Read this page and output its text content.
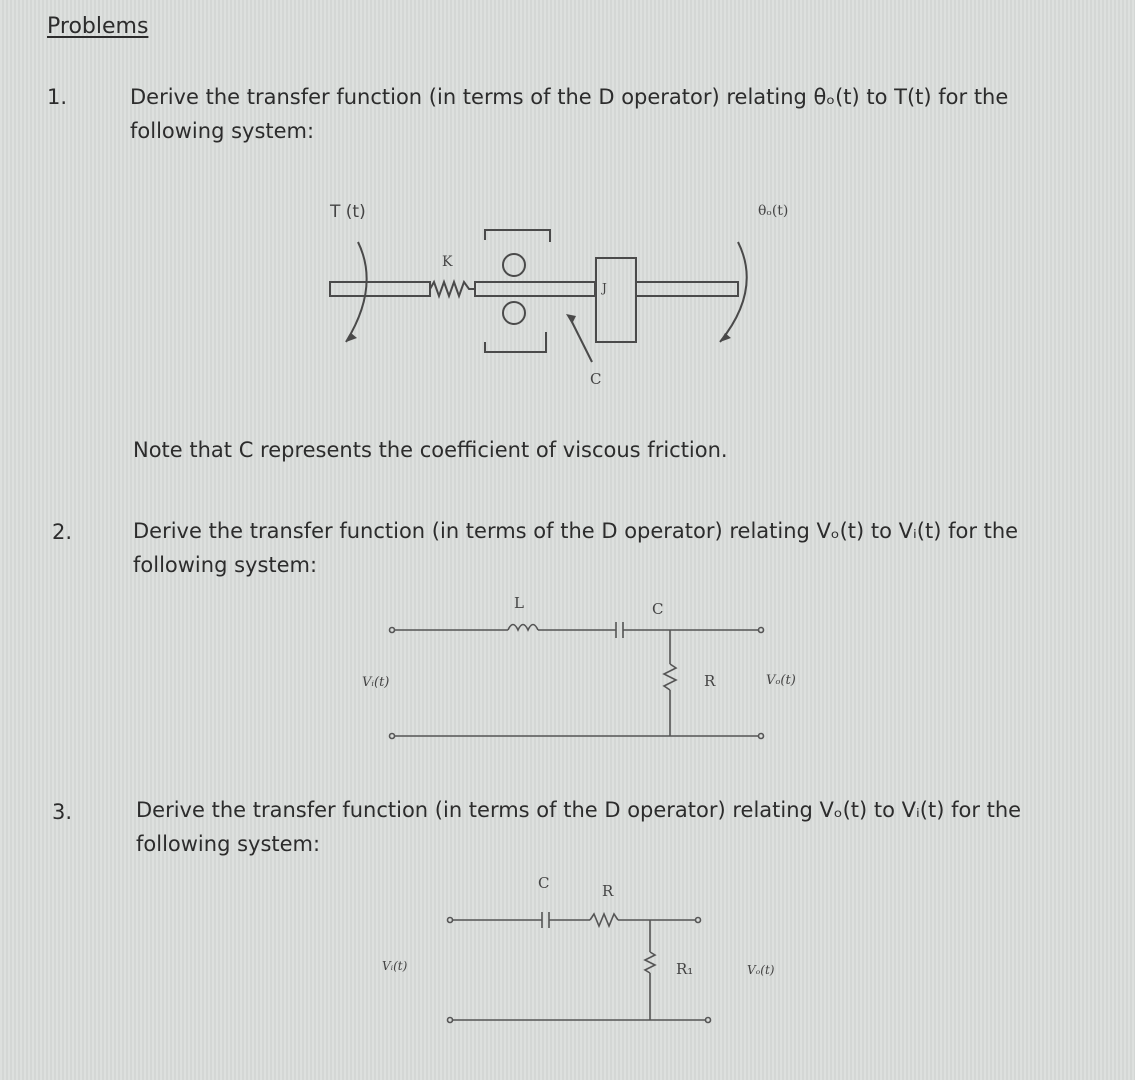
Problems
1.	Derive the transfer function (in terms of the D operator) relating θₒ(t) to T(t) for the
following system:
T (t)	θₒ(t)
K
J
C
Note that C represents the coefficient of viscous friction.
2.	Derive the transfer function (in terms of the D operator) relating Vₒ(t) to Vᵢ(t) for the
following system:
L	C
R
Vᵢ(t)	Vₒ(t)
3.	Derive the transfer function (in terms of the D operator) relating Vₒ(t) to Vᵢ(t) for the
following system:
C	R
R₁
Vᵢ(t)	Vₒ(t)
